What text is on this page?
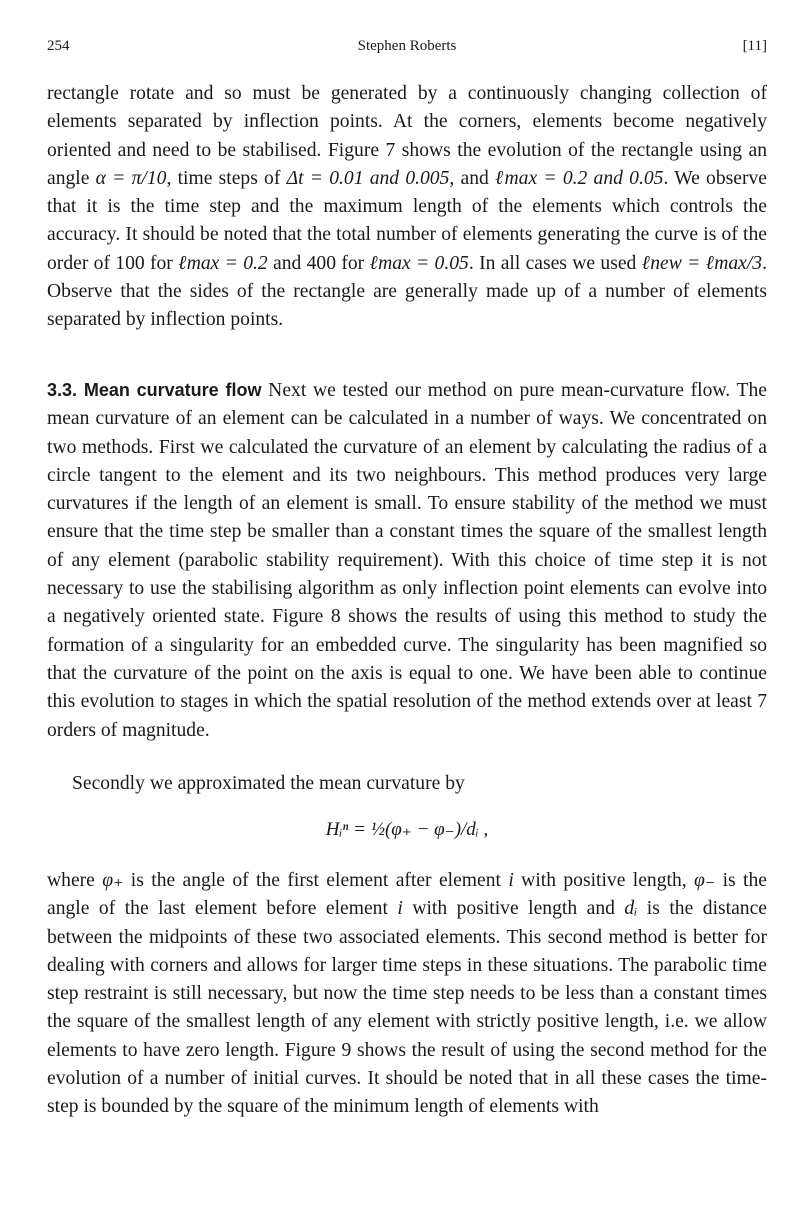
254	Stephen Roberts	[11]

rectangle rotate and so must be generated by a continuously changing collection of elements separated by inflection points. At the corners, elements become negatively oriented and need to be stabilised. Figure 7 shows the evolution of the rectangle using an angle α = π/10, time steps of Δt = 0.01 and 0.005, and ℓmax = 0.2 and 0.05. We observe that it is the time step and the maximum length of the elements which controls the accuracy. It should be noted that the total number of elements generating the curve is of the order of 100 for ℓmax = 0.2 and 400 for ℓmax = 0.05. In all cases we used ℓnew = ℓmax/3. Observe that the sides of the rectangle are generally made up of a number of elements separated by inflection points.

3.3. Mean curvature flow Next we tested our method on pure mean-curvature flow. The mean curvature of an element can be calculated in a number of ways. We concentrated on two methods. First we calculated the curvature of an element by calculating the radius of a circle tangent to the element and its two neighbours. This method produces very large curvatures if the length of an element is small. To ensure stability of the method we must ensure that the time step be smaller than a constant times the square of the smallest length of any element (parabolic stability requirement). With this choice of time step it is not necessary to use the stabilising algorithm as only inflection point elements can evolve into a negatively oriented state. Figure 8 shows the results of using this method to study the formation of a singularity for an embedded curve. The singularity has been magnified so that the curvature of the point on the axis is equal to one. We have been able to continue this evolution to stages in which the spatial resolution of the method extends over at least 7 orders of magnitude.

Secondly we approximated the mean curvature by

Hᵢⁿ = ½(φ₊ − φ₋)/dᵢ ,

where φ₊ is the angle of the first element after element i with positive length, φ₋ is the angle of the last element before element i with positive length and dᵢ is the distance between the midpoints of these two associated elements. This second method is better for dealing with corners and allows for larger time steps in these situations. The parabolic time step restraint is still necessary, but now the time step needs to be less than a constant times the square of the smallest length of any element with strictly positive length, i.e. we allow elements to have zero length. Figure 9 shows the result of using the second method for the evolution of a number of initial curves. It should be noted that in all these cases the time-step is bounded by the square of the minimum length of elements with
